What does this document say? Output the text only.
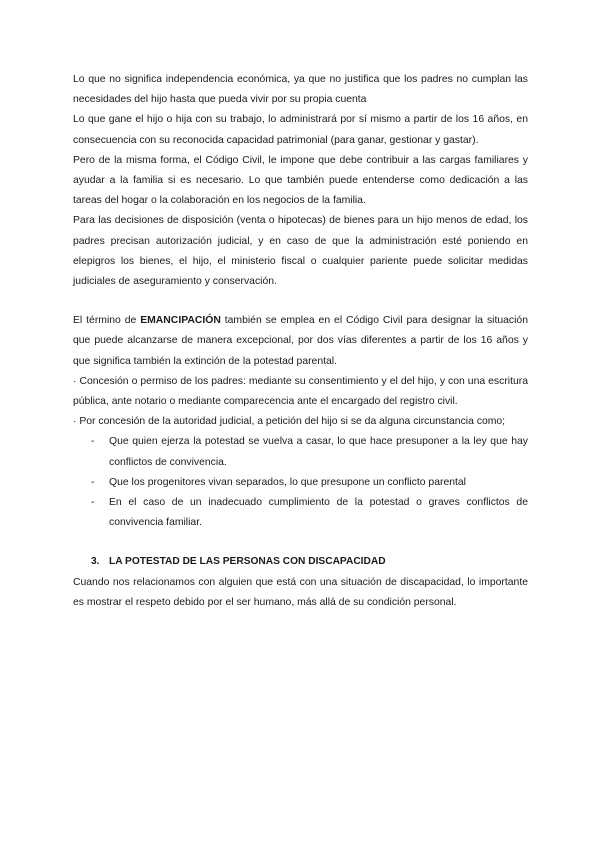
Lo que no significa independencia económica, ya que no justifica que los padres no cumplan las necesidades del hijo hasta que pueda vivir por su propia cuenta

Lo que gane el hijo o hija con su trabajo, lo administrará por sí mismo a partir de los 16 años, en consecuencia con su reconocida capacidad patrimonial (para ganar, gestionar y gastar).

Pero de la misma forma, el Código Civil, le impone que debe contribuir a las cargas familiares y ayudar a la familia si es necesario. Lo que también puede entenderse como dedicación a las tareas del hogar o la colaboración en los negocios de la familia.

Para las decisiones de disposición (venta o hipotecas) de bienes para un hijo menos de edad, los padres precisan autorización judicial, y en caso de que la administración esté poniendo en elepigros los bienes, el hijo, el ministerio fiscal o cualquier pariente puede solicitar medidas judiciales de aseguramiento y conservación.

El término de EMANCIPACIÓN también se emplea en el Código Civil para designar la situación que puede alcanzarse de manera excepcional, por dos vías diferentes a partir de los 16 años y que significa también la extinción de la potestad parental.

· Concesión o permiso de los padres: mediante su consentimiento y el del hijo, y con una escritura pública, ante notario o mediante comparecencia ante el encargado del registro civil.

· Por concesión de la autoridad judicial, a petición del hijo si se da alguna circunstancia como;

- Que quien ejerza la potestad se vuelva a casar, lo que hace presuponer a la ley que hay conflictos de convivencia.
- Que los progenitores vivan separados, lo que presupone un conflicto parental
- En el caso de un inadecuado cumplimiento de la potestad o graves conflictos de convivencia familiar.

3. LA POTESTAD DE LAS PERSONAS CON DISCAPACIDAD

Cuando nos relacionamos con alguien que está con una situación de discapacidad, lo importante es mostrar el respeto debido por el ser humano, más allá de su condición personal.
